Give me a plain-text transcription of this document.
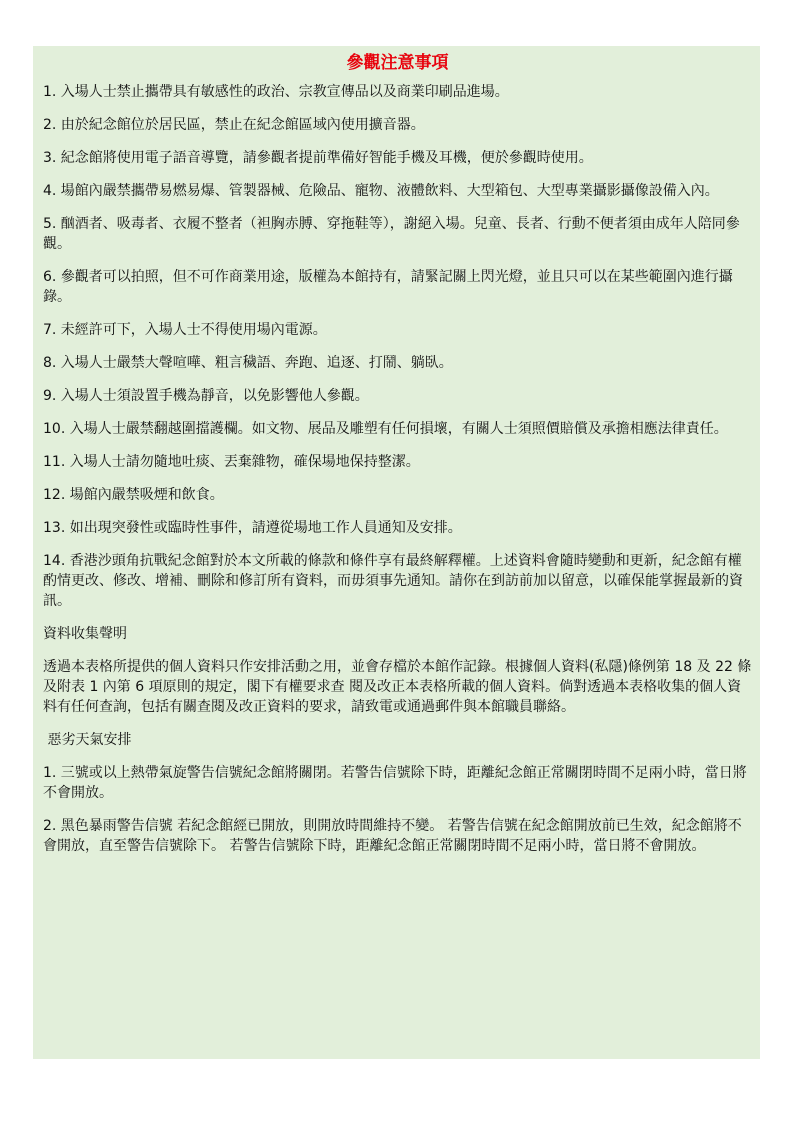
參觀注意事項
1. 入場人士禁止攜帶具有敏感性的政治、宗教宣傳品以及商業印刷品進場。
2. 由於紀念館位於居民區，禁止在紀念館區域內使用擴音器。
3. 紀念館將使用電子語音導覽，請參觀者提前準備好智能手機及耳機，便於參觀時使用。
4. 場館內嚴禁攜帶易燃易爆、管製器械、危險品、寵物、液體飲料、大型箱包、大型專業攝影攝像設備入內。
5. 酗酒者、吸毒者、衣履不整者（袒胸赤膊、穿拖鞋等），謝絕入場。兒童、長者、行動不便者須由成年人陪同參觀。
6. 參觀者可以拍照，但不可作商業用途，版權為本館持有，請緊記關上閃光燈，並且只可以在某些範圍內進行攝錄。
7. 未經許可下，入場人士不得使用場內電源。
8. 入場人士嚴禁大聲喧嘩、粗言穢語、奔跑、追逐、打鬧、躺臥。
9. 入場人士須設置手機為靜音，以免影響他人參觀。
10. 入場人士嚴禁翻越圍擋護欄。如文物、展品及雕塑有任何損壞，有關人士須照價賠償及承擔相應法律責任。
11. 入場人士請勿隨地吐痰、丟棄雜物，確保場地保持整潔。
12. 場館內嚴禁吸煙和飲食。
13. 如出現突發性或臨時性事件，請遵從場地工作人員通知及安排。
14. 香港沙頭角抗戰紀念館對於本文所載的條款和條件享有最終解釋權。上述資料會隨時變動和更新，紀念館有權酌情更改、修改、增補、刪除和修訂所有資料，而毋須事先通知。請你在到訪前加以留意，以確保能掌握最新的資訊。
資料收集聲明
透過本表格所提供的個人資料只作安排活動之用，並會存檔於本館作記錄。根據個人資料(私隱)條例第 18 及 22 條及附表 1 內第 6 項原則的規定，閣下有權要求查 閱及改正本表格所載的個人資料。倘對透過本表格收集的個人資料有任何查詢，包括有關查閱及改正資料的要求，請致電或通過郵件與本館職員聯絡。
惡劣天氣安排
1. 三號或以上熱帶氣旋警告信號紀念館將關閉。若警告信號除下時，距離紀念館正常關閉時間不足兩小時，當日將不會開放。
2. 黑色暴雨警告信號 若紀念館經已開放，則開放時間維持不變。 若警告信號在紀念館開放前已生效，紀念館將不會開放，直至警告信號除下。 若警告信號除下時，距離紀念館正常關閉時間不足兩小時，當日將不會開放。
